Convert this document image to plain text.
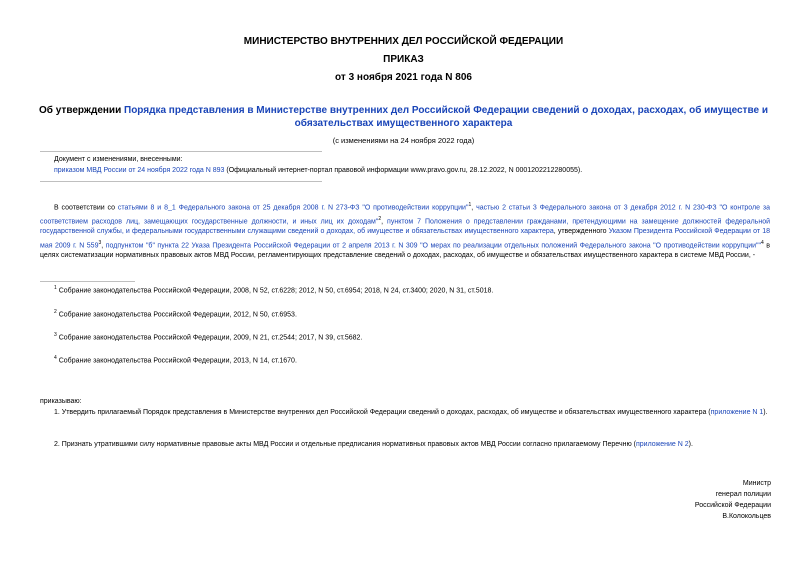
МИНИСТЕРСТВО ВНУТРЕННИХ ДЕЛ РОССИЙСКОЙ ФЕДЕРАЦИИ
ПРИКАЗ
от 3 ноября 2021 года N 806
Об утверждении Порядка представления в Министерстве внутренних дел Российской Федерации сведений о доходах, расходах, об имуществе и обязательствах имущественного характера
(с изменениями на 24 ноября 2022 года)
Документ с изменениями, внесенными:
приказом МВД России от 24 ноября 2022 года N 893 (Официальный интернет-портал правовой информации www.pravo.gov.ru, 28.12.2022, N 0001202212280055).
В соответствии со статьями 8 и 8_1 Федерального закона от 25 декабря 2008 г. N 273-ФЗ "О противодействии коррупции"$^1$, частью 2 статьи 3 Федерального закона от 3 декабря 2012 г. N 230-ФЗ "О контроле за соответствием расходов лиц, замещающих государственные должности, и иных лиц их доходам"$^2$, пунктом 7 Положения о представлении гражданами, претендующими на замещение должностей федеральной государственной службы, и федеральными государственными служащими сведений о доходах, об имуществе и обязательствах имущественного характера, утвержденного Указом Президента Российской Федерации от 18 мая 2009 г. N $559^3$, подпунктом "б" пункта 22 Указа Президента Российской Федерации от 2 апреля 2013 г. N 309 "О мерах по реализации отдельных положений Федерального закона "О противодействии коррупции""$^4$ в целях систематизации нормативных правовых актов МВД России, регламентирующих представление сведений о доходах, расходах, об имуществе и обязательствах имущественного характера в системе МВД России, -
$^1$ Собрание законодательства Российской Федерации, 2008, N 52, ст.6228; 2012, N 50, ст.6954; 2018, N 24, ст.3400; 2020, N 31, ст.5018.
$^2$ Собрание законодательства Российской Федерации, 2012, N 50, ст.6953.
$^3$ Собрание законодательства Российской Федерации, 2009, N 21, ст.2544; 2017, N 39, ст.5682.
$^4$ Собрание законодательства Российской Федерации, 2013, N 14, ст.1670.
приказываю:
1. Утвердить прилагаемый Порядок представления в Министерстве внутренних дел Российской Федерации сведений о доходах, расходах, об имуществе и обязательствах имущественного характера (приложение N 1).
2. Признать утратившими силу нормативные правовые акты МВД России и отдельные предписания нормативных правовых актов МВД России согласно прилагаемому Перечню (приложение N 2).
Министр
генерал полиции
Российской Федерации
В.Колокольцев
